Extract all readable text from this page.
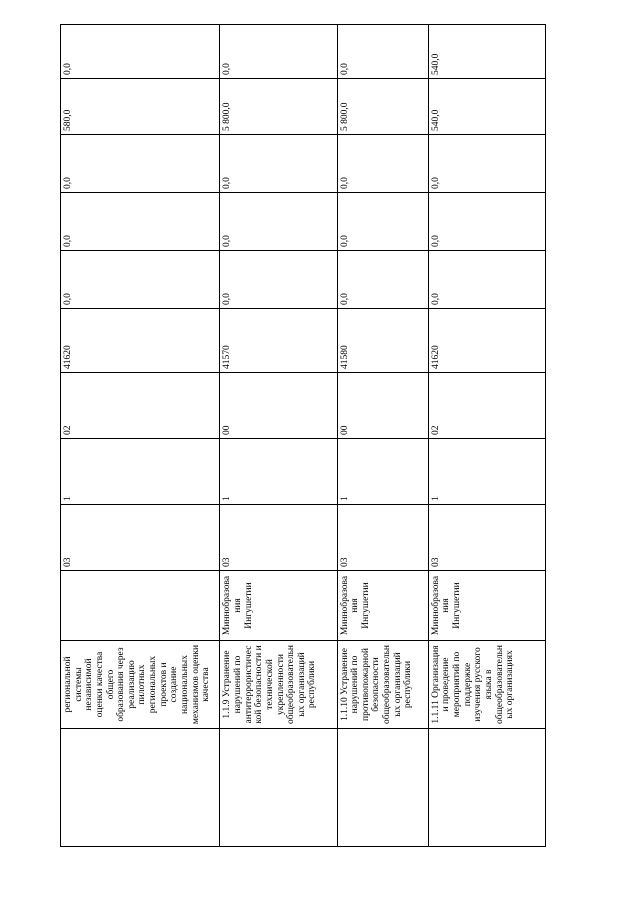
	региональной системы независимой оценки качества общего образования через реализацию пилотных региональных проектов и создание национальных механизмов оценки качества		03	1	02	41620	0,0	0,0	0,0	580,0	0,0
	1.1.9 Устранение нарушений по антитеррористической безопасности и технической укрепленности общеобразовательных организаций республики	Миннобразования Ингушетии	03	1	00	41570	0,0	0,0	0,0	5 800,0	0,0
	1.1.10 Устранение нарушений по противопожарной безопасности общеобразовательных организаций республики	Миннобразования Ингушетии	03	1	00	41580	0,0	0,0	0,0	5 800,0	0,0
	1.1.11 Организация и проведение мероприятий по поддержке изучения русского языка в общеобразовательных организациях	Миннобразования Ингушетии	03	1	02	41620	0,0	0,0	0,0	540,0	540,0
